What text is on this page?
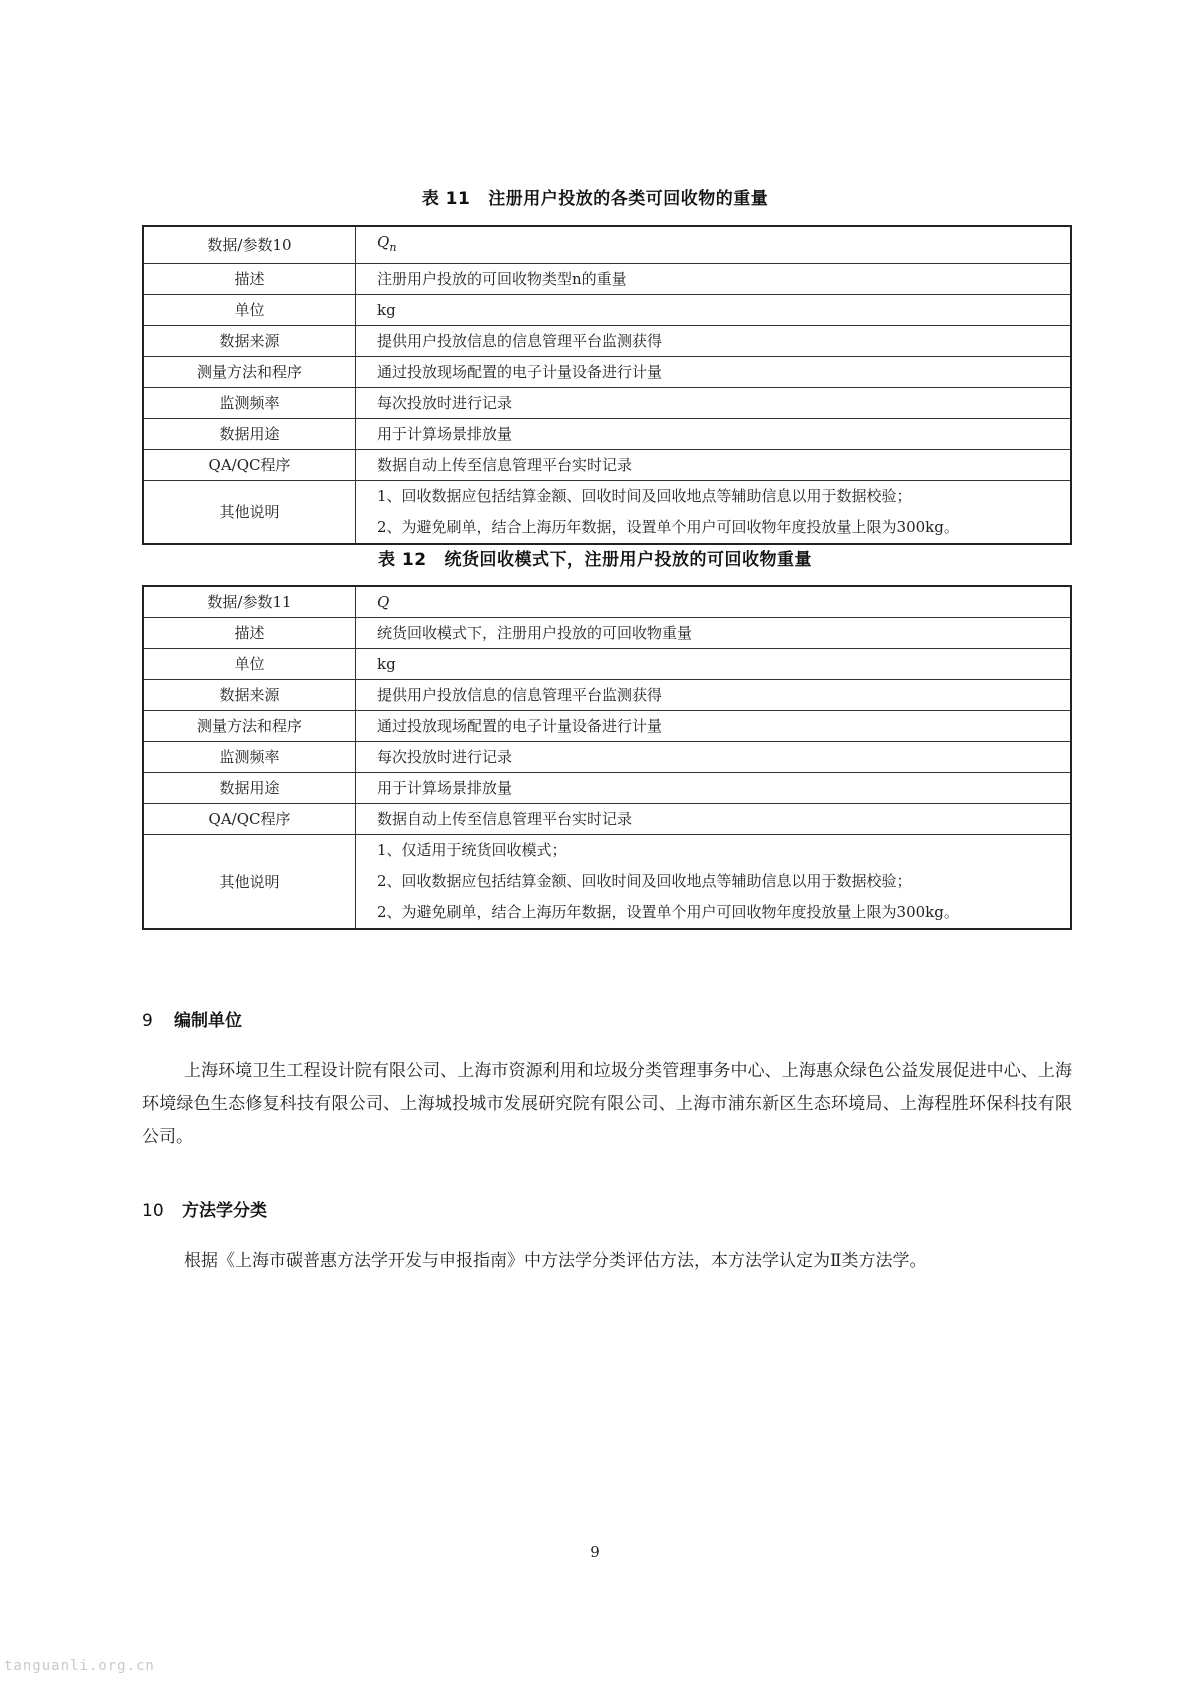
表 11 注册用户投放的各类可回收物的重量
数据/参数10	$Q_n$
描述	注册用户投放的可回收物类型n的重量
单位	kg
数据来源	提供用户投放信息的信息管理平台监测获得
测量方法和程序	通过投放现场配置的电子计量设备进行计量
监测频率	每次投放时进行记录
数据用途	用于计算场景排放量
QA/QC程序	数据自动上传至信息管理平台实时记录
其他说明	1、回收数据应包括结算金额、回收时间及回收地点等辅助信息以用于数据校验；
2、为避免刷单，结合上海历年数据，设置单个用户可回收物年度投放量上限为300kg。
表 12 统货回收模式下，注册用户投放的可回收物重量
数据/参数11	Q
描述	统货回收模式下，注册用户投放的可回收物重量
单位	kg
数据来源	提供用户投放信息的信息管理平台监测获得
测量方法和程序	通过投放现场配置的电子计量设备进行计量
监测频率	每次投放时进行记录
数据用途	用于计算场景排放量
QA/QC程序	数据自动上传至信息管理平台实时记录
其他说明	1、仅适用于统货回收模式；
2、回收数据应包括结算金额、回收时间及回收地点等辅助信息以用于数据校验；
2、为避免刷单，结合上海历年数据，设置单个用户可回收物年度投放量上限为300kg。
9 编制单位
上海环境卫生工程设计院有限公司、上海市资源利用和垃圾分类管理事务中心、上海惠众绿色公益发展促进中心、上海环境绿色生态修复科技有限公司、上海城投城市发展研究院有限公司、上海市浦东新区生态环境局、上海程胜环保科技有限公司。
10 方法学分类
根据《上海市碳普惠方法学开发与申报指南》中方法学分类评估方法，本方法学认定为Ⅱ类方法学。
9
tanguanli.org.cn
